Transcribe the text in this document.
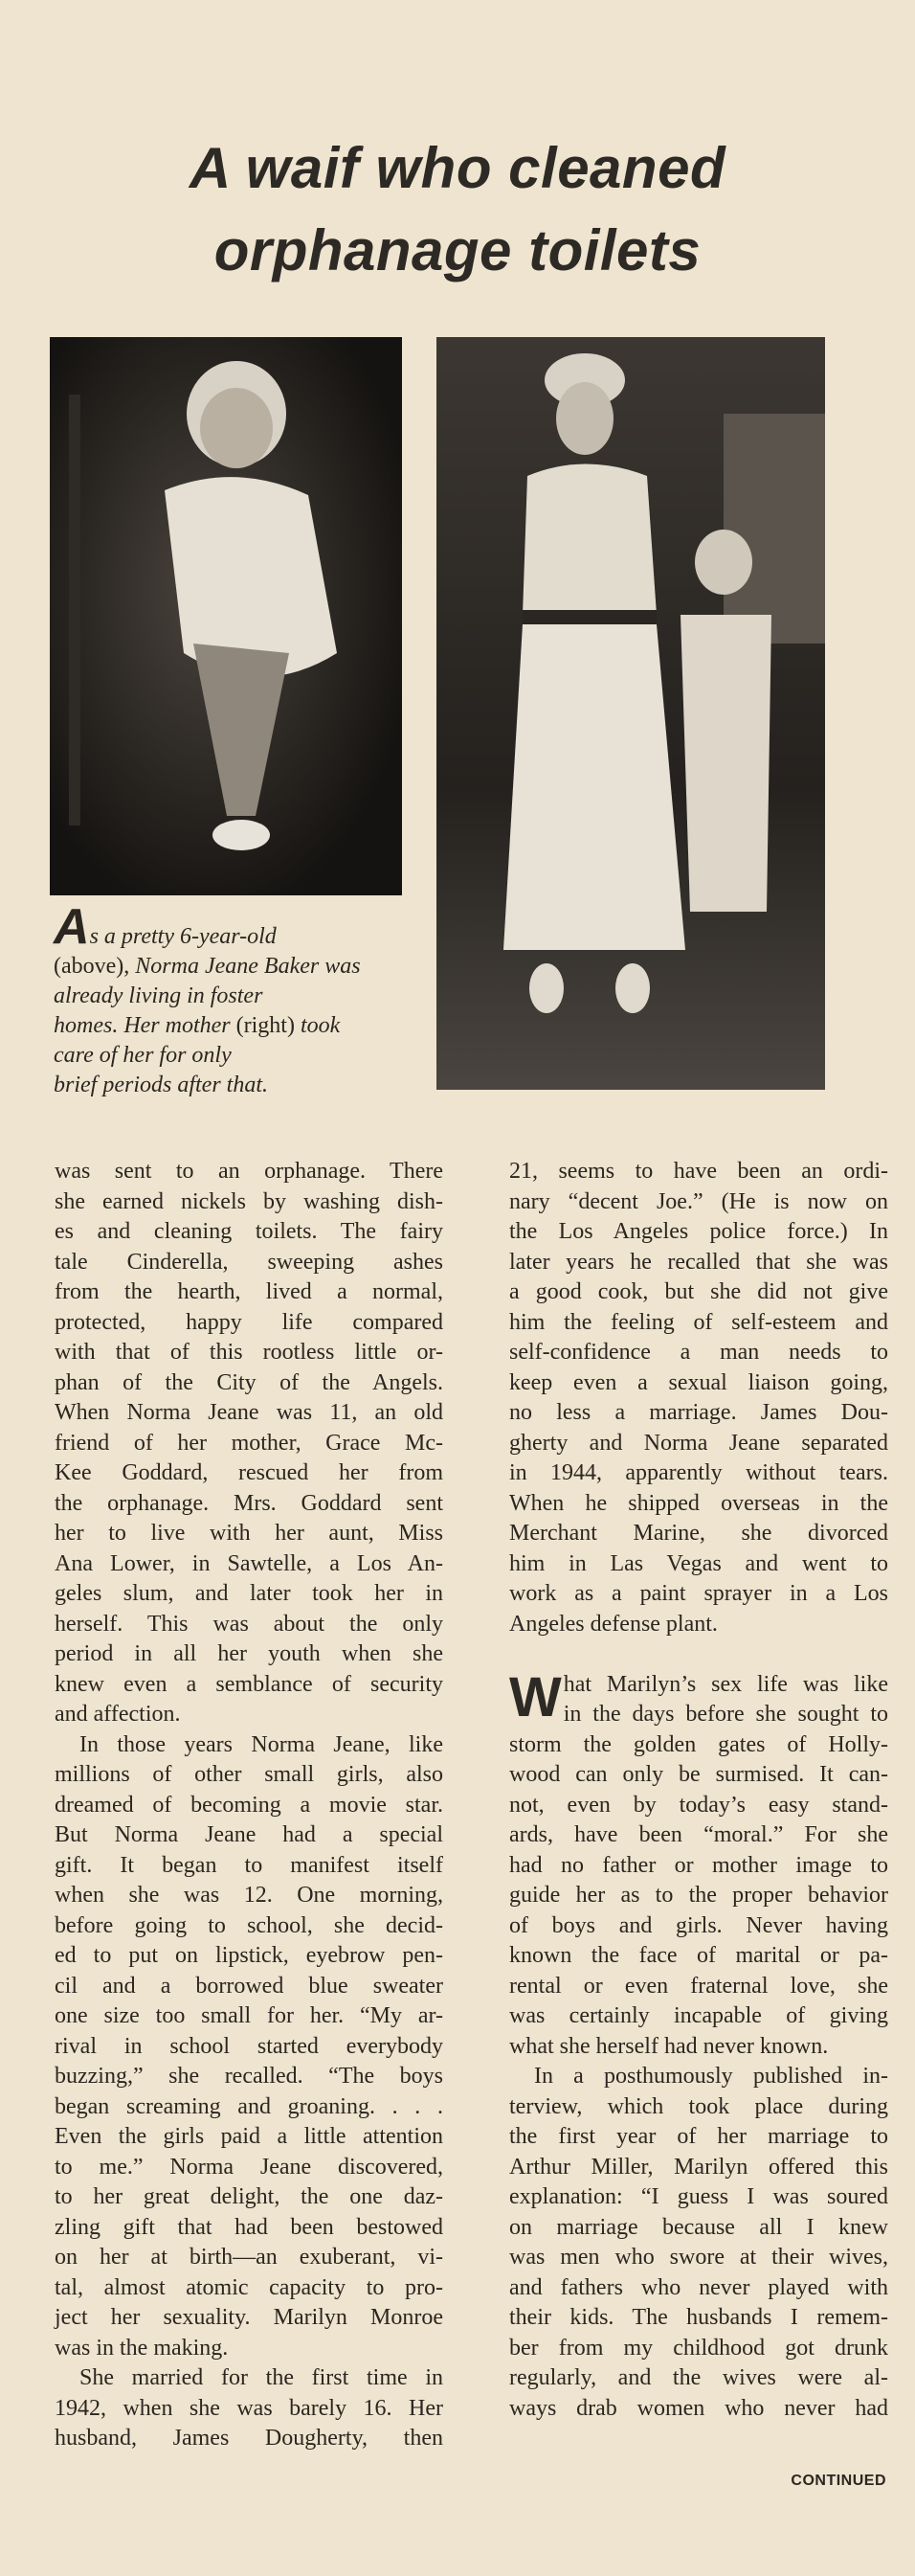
A waif who cleaned
orphanage toilets
As a pretty 6-year-old
(above), Norma Jeane Baker was
already living in foster
homes. Her mother (right) took
care of her for only
brief periods after that.
was sent to an orphanage. There
she earned nickels by washing dish-
es and cleaning toilets. The fairy
tale Cinderella, sweeping ashes
from the hearth, lived a normal,
protected, happy life compared
with that of this rootless little or-
phan of the City of the Angels.
When Norma Jeane was 11, an old
friend of her mother, Grace Mc-
Kee Goddard, rescued her from
the orphanage. Mrs. Goddard sent
her to live with her aunt, Miss
Ana Lower, in Sawtelle, a Los An-
geles slum, and later took her in
herself. This was about the only
period in all her youth when she
knew even a semblance of security
and affection.
In those years Norma Jeane, like
millions of other small girls, also
dreamed of becoming a movie star.
But Norma Jeane had a special
gift. It began to manifest itself
when she was 12. One morning,
before going to school, she decid-
ed to put on lipstick, eyebrow pen-
cil and a borrowed blue sweater
one size too small for her. “My ar-
rival in school started everybody
buzzing,” she recalled. “The boys
began screaming and groaning. . . .
Even the girls paid a little attention
to me.” Norma Jeane discovered,
to her great delight, the one daz-
zling gift that had been bestowed
on her at birth—an exuberant, vi-
tal, almost atomic capacity to pro-
ject her sexuality. Marilyn Monroe
was in the making.
She married for the first time in
1942, when she was barely 16. Her
husband, James Dougherty, then
21, seems to have been an ordi-
nary “decent Joe.” (He is now on
the Los Angeles police force.) In
later years he recalled that she was
a good cook, but she did not give
him the feeling of self-esteem and
self-confidence a man needs to
keep even a sexual liaison going,
no less a marriage. James Dou-
gherty and Norma Jeane separated
in 1944, apparently without tears.
When he shipped overseas in the
Merchant Marine, she divorced
him in Las Vegas and went to
work as a paint sprayer in a Los
Angeles defense plant.
W hat Marilyn’s sex life was like
in the days before she sought to
storm the golden gates of Holly-
wood can only be surmised. It can-
not, even by today’s easy stand-
ards, have been “moral.” For she
had no father or mother image to
guide her as to the proper behavior
of boys and girls. Never having
known the face of marital or pa-
rental or even fraternal love, she
was certainly incapable of giving
what she herself had never known.
In a posthumously published in-
terview, which took place during
the first year of her marriage to
Arthur Miller, Marilyn offered this
explanation: “I guess I was soured
on marriage because all I knew
was men who swore at their wives,
and fathers who never played with
their kids. The husbands I remem-
ber from my childhood got drunk
regularly, and the wives were al-
ways drab women who never had
CONTINUED
